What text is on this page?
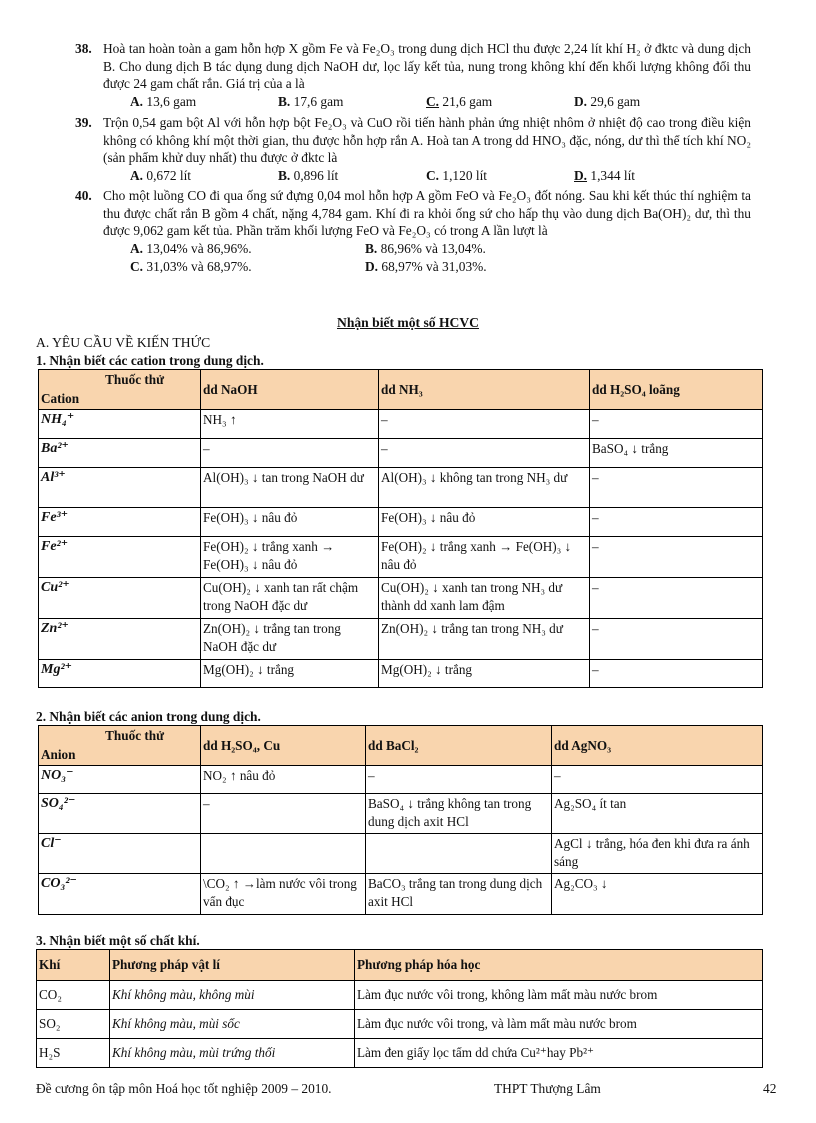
38. Hoà tan hoàn toàn a gam hỗn hợp X gồm Fe và Fe₂O₃ trong dung dịch HCl thu được 2,24 lít khí H₂ ở đktc và dung dịch B. Cho dung dịch B tác dụng dung dịch NaOH dư, lọc lấy kết tủa, nung trong không khí đến khối lượng không đổi thu được 24 gam chất rắn. Giá trị của a là
A. 13,6 gam	B. 17,6 gam	C. 21,6 gam	D. 29,6 gam
39. Trộn 0,54 gam bột Al với hỗn hợp bột Fe₂O₃ và CuO rồi tiến hành phản ứng nhiệt nhôm ở nhiệt độ cao trong điều kiện không có không khí một thời gian, thu được hỗn hợp rắn A. Hoà tan A trong dd HNO₃ đặc, nóng, dư thì thể tích khí NO₂ (sản phẩm khử duy nhất) thu được ở đktc là
A. 0,672 lít	B. 0,896 lít	C. 1,120 lít	D. 1,344 lít
40. Cho một luồng CO đi qua ống sứ đựng 0,04 mol hỗn hợp A gồm FeO và Fe₂O₃ đốt nóng. Sau khi kết thúc thí nghiệm ta thu được chất rắn B gồm 4 chất, nặng 4,784 gam. Khí đi ra khỏi ống sứ cho hấp thụ vào dung dịch Ba(OH)₂ dư, thì thu được 9,062 gam kết tủa. Phần trăm khối lượng FeO và Fe₂O₃ có trong A lần lượt là
A. 13,04% và 86,96%.	B. 86,96% và 13,04%.
C. 31,03% và 68,97%.	D. 68,97% và 31,03%.
Nhận biết một số HCVC
A. YÊU CẦU VỀ KIẾN THỨC
1. Nhận biết các cation trong dung dịch.
Thuốc thử
Cation	dd NaOH	dd NH₃	dd H₂SO₄ loãng
NH₄⁺	NH₃ ↑	–	–
Ba²⁺	–	–	BaSO₄ ↓ trắng
Al³⁺	Al(OH)₃ ↓ tan trong NaOH dư	Al(OH)₃ ↓ không tan trong NH₃ dư	–
Fe³⁺	Fe(OH)₃ ↓ nâu đỏ	Fe(OH)₃ ↓ nâu đỏ	–
Fe²⁺	Fe(OH)₂ ↓ trắng xanh → Fe(OH)₃ ↓ nâu đỏ	Fe(OH)₂ ↓ trắng xanh → Fe(OH)₃ ↓ nâu đỏ	–
Cu²⁺	Cu(OH)₂ ↓ xanh tan rất chậm trong NaOH đặc dư	Cu(OH)₂ ↓ xanh tan trong NH₃ dư thành dd xanh lam đậm	–
Zn²⁺	Zn(OH)₂ ↓ trắng tan trong NaOH đặc dư	Zn(OH)₂ ↓ trắng tan trong NH₃ dư	–
Mg²⁺	Mg(OH)₂ ↓ trắng	Mg(OH)₂ ↓ trắng	–
2. Nhận biết các anion trong dung dịch.
Thuốc thử
Anion	dd H₂SO₄, Cu	dd BaCl₂	dd AgNO₃
NO₃⁻	NO₂ ↑ nâu đỏ	–	–
SO₄²⁻	–	BaSO₄ ↓ trắng không tan trong dung dịch axit HCl	Ag₂SO₄ ít tan
Cl⁻			AgCl ↓ trắng, hóa đen khi đưa ra ánh sáng
CO₃²⁻	\CO₂ ↑ →làm nước vôi trong vẩn đục	BaCO₃ trắng tan trong dung dịch axit HCl	Ag₂CO₃ ↓
3. Nhận biết một số chất khí.
Khí	Phương pháp vật lí	Phương pháp hóa học
CO₂	Khí không màu, không mùi	Làm đục nước vôi trong, không làm mất màu nước brom
SO₂	Khí không màu, mùi sốc	Làm đục nước vôi trong, và làm mất màu nước brom
H₂S	Khí không màu, mùi trứng thối	Làm đen giấy lọc tẩm dd chứa Cu²⁺hay Pb²⁺
Đề cương ôn tập môn Hoá học tốt nghiệp 2009 – 2010.	THPT Thượng Lâm	42
